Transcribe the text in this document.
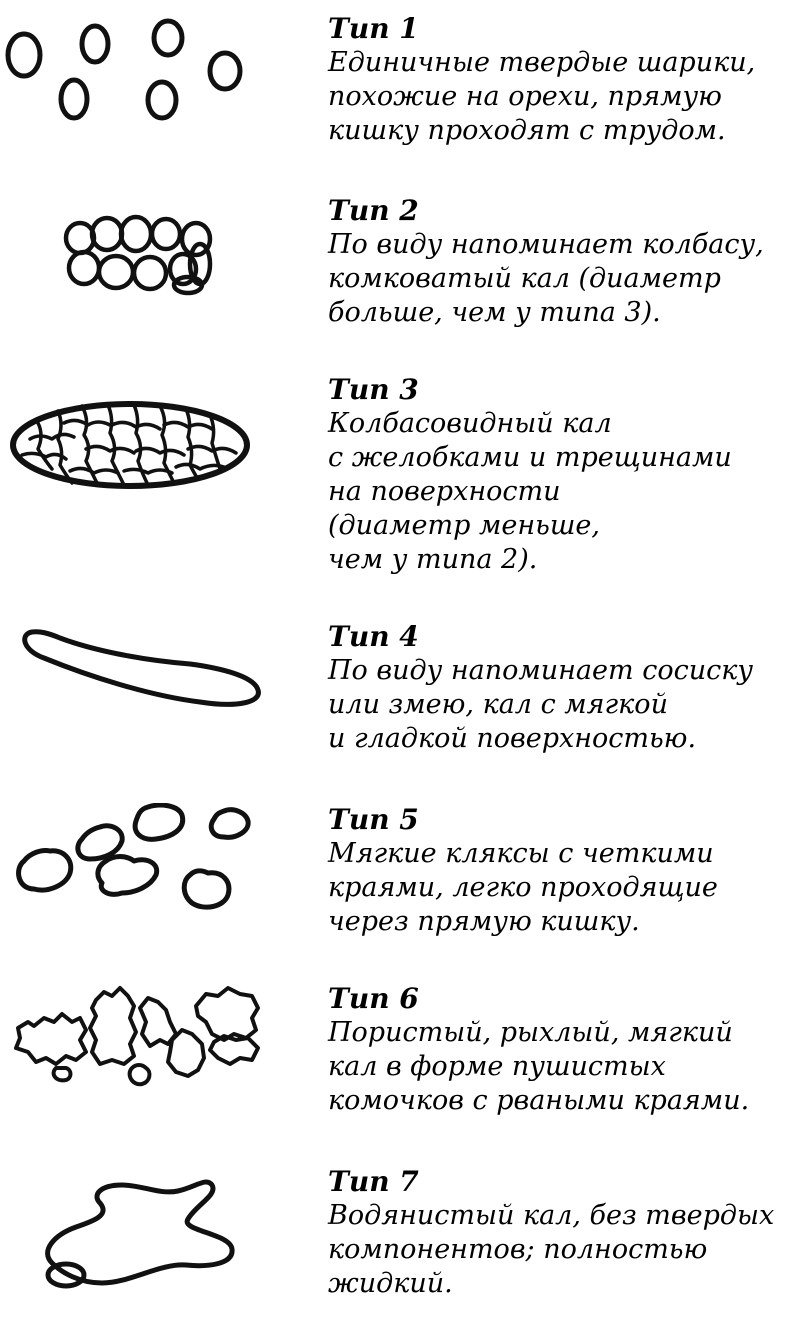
Тип 1
Единичные твердые шарики,
похожие на орехи, прямую
кишку проходят с трудом.
Тип 2
По виду напоминает колбасу,
комковатый кал (диаметр
больше, чем у типа 3).
Тип 3
Колбасовидный кал
с желобками и трещинами
на поверхности
(диаметр меньше,
чем у типа 2).
Тип 4
По виду напоминает сосиску
или змею, кал с мягкой
и гладкой поверхностью.
Тип 5
Мягкие кляксы с четкими
краями, легко проходящие
через прямую кишку.
Тип 6
Пористый, рыхлый, мягкий
кал в форме пушистых
комочков с рваными краями.
Тип 7
Водянистый кал, без твердых
компонентов; полностью
жидкий.
